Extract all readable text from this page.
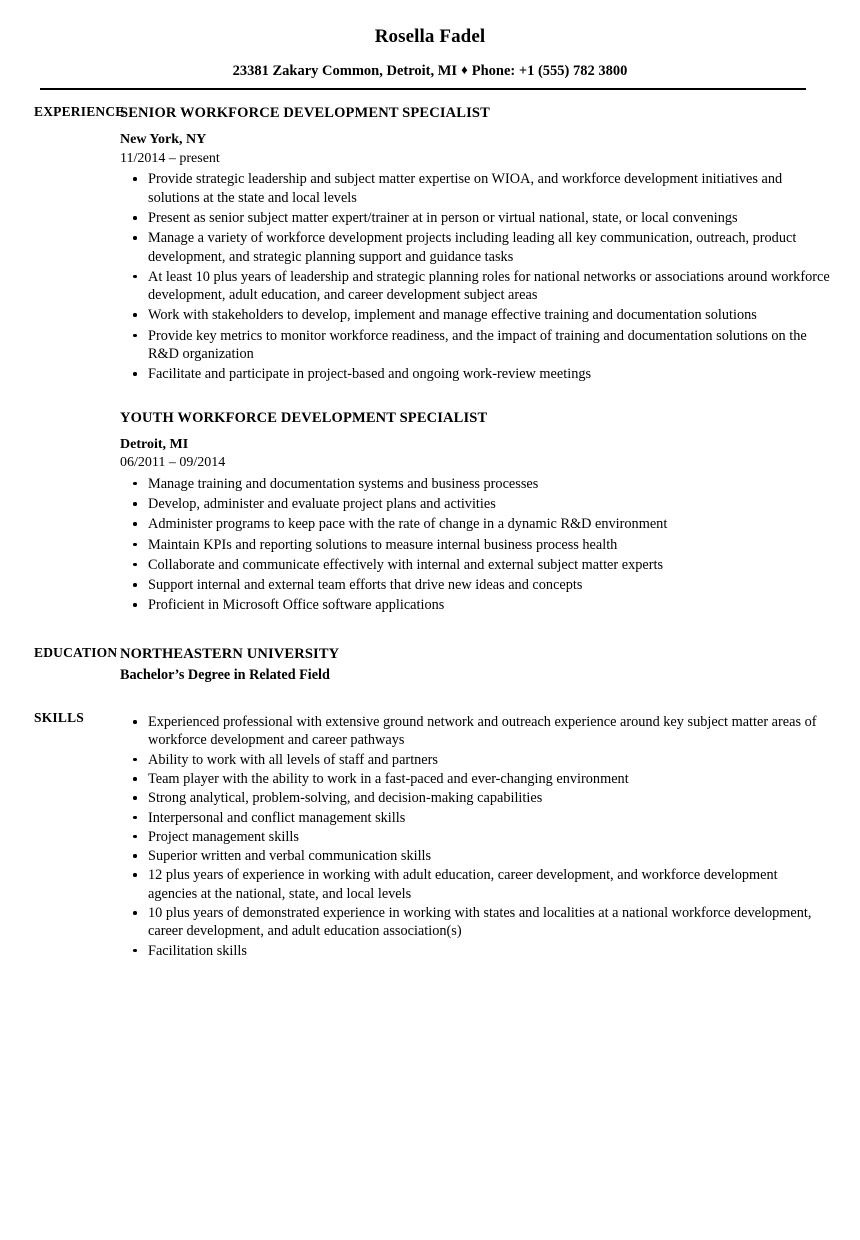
Rosella Fadel
23381 Zakary Common, Detroit, MI ♦ Phone: +1 (555) 782 3800
EXPERIENCE
SENIOR WORKFORCE DEVELOPMENT SPECIALIST
New York, NY
11/2014 – present
Provide strategic leadership and subject matter expertise on WIOA, and workforce development initiatives and solutions at the state and local levels
Present as senior subject matter expert/trainer at in person or virtual national, state, or local convenings
Manage a variety of workforce development projects including leading all key communication, outreach, product development, and strategic planning support and guidance tasks
At least 10 plus years of leadership and strategic planning roles for national networks or associations around workforce development, adult education, and career development subject areas
Work with stakeholders to develop, implement and manage effective training and documentation solutions
Provide key metrics to monitor workforce readiness, and the impact of training and documentation solutions on the R&D organization
Facilitate and participate in project-based and ongoing work-review meetings
YOUTH WORKFORCE DEVELOPMENT SPECIALIST
Detroit, MI
06/2011 – 09/2014
Manage training and documentation systems and business processes
Develop, administer and evaluate project plans and activities
Administer programs to keep pace with the rate of change in a dynamic R&D environment
Maintain KPIs and reporting solutions to measure internal business process health
Collaborate and communicate effectively with internal and external subject matter experts
Support internal and external team efforts that drive new ideas and concepts
Proficient in Microsoft Office software applications
EDUCATION NORTHEASTERN UNIVERSITY
Bachelor’s Degree in Related Field
SKILLS	Experienced professional with extensive ground network and outreach experience around key subject matter areas of workforce development and career pathways
Ability to work with all levels of staff and partners
Team player with the ability to work in a fast-paced and ever-changing environment
Strong analytical, problem-solving, and decision-making capabilities
Interpersonal and conflict management skills
Project management skills
Superior written and verbal communication skills
12 plus years of experience in working with adult education, career development, and workforce development agencies at the national, state, and local levels
10 plus years of demonstrated experience in working with states and localities at a national workforce development, career development, and adult education association(s)
Facilitation skills
